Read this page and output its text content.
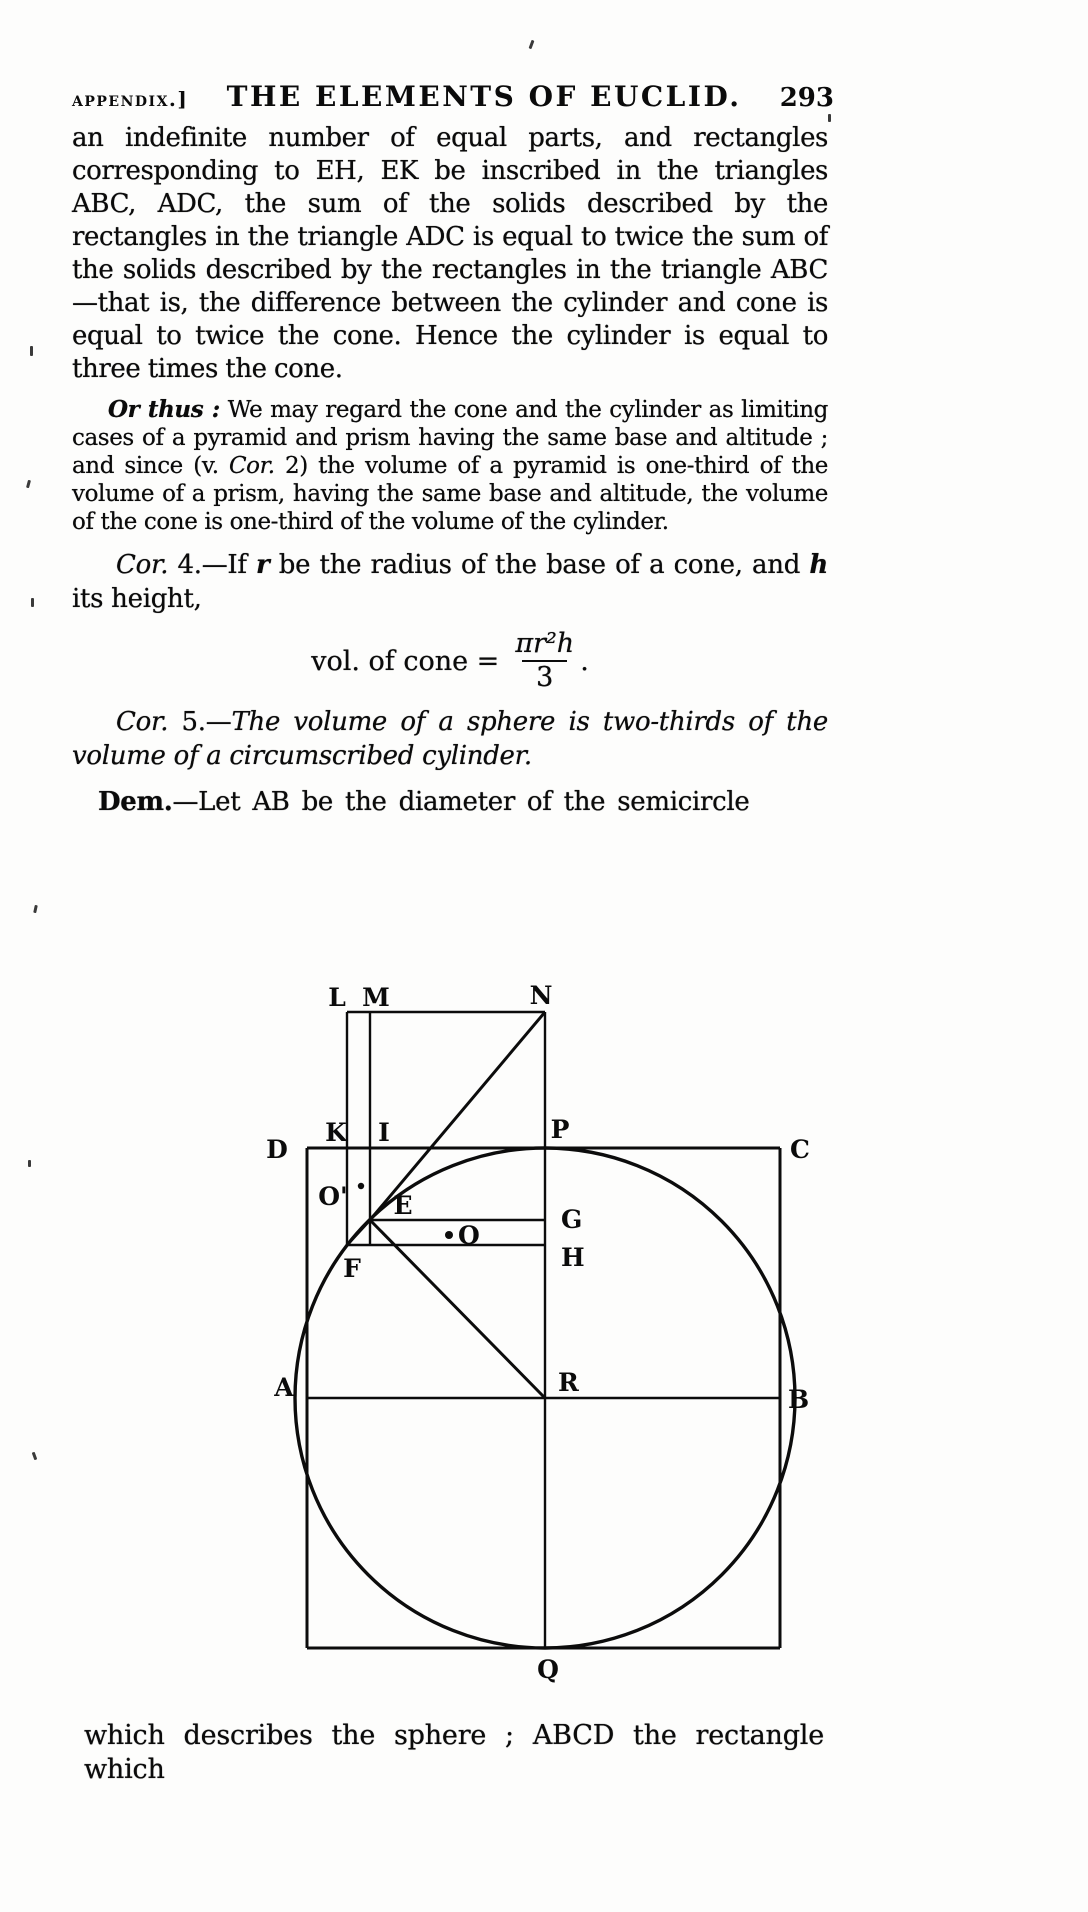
appendix.] THE ELEMENTS OF EUCLID. 293

an indefinite number of equal parts, and rectangles corresponding to EH, EK be inscribed in the triangles ABC, ADC, the sum of the solids described by the rectangles in the triangle ADC is equal to twice the sum of the solids described by the rectangles in the triangle ABC—that is, the difference between the cylinder and cone is equal to twice the cone. Hence the cylinder is equal to three times the cone.

Or thus : We may regard the cone and the cylinder as limiting cases of a pyramid and prism having the same base and altitude ; and since (v. Cor. 2) the volume of a pyramid is one-third of the volume of a prism, having the same base and altitude, the volume of the cone is one-third of the volume of the cylinder.

Cor. 4.—If r be the radius of the base of a cone, and h its height,

vol. of cone = $\frac{\text{πr²h}}{3}$ .

Cor. 5.—The volume of a sphere is two-thirds of the volume of a circumscribed cylinder.

Dem.—Let AB be the diameter of the semicircle

L M	N
D
K I	P
C
O' E	G
O
H
F
A	R
B
Q

which describes the sphere ; ABCD the rectangle which
